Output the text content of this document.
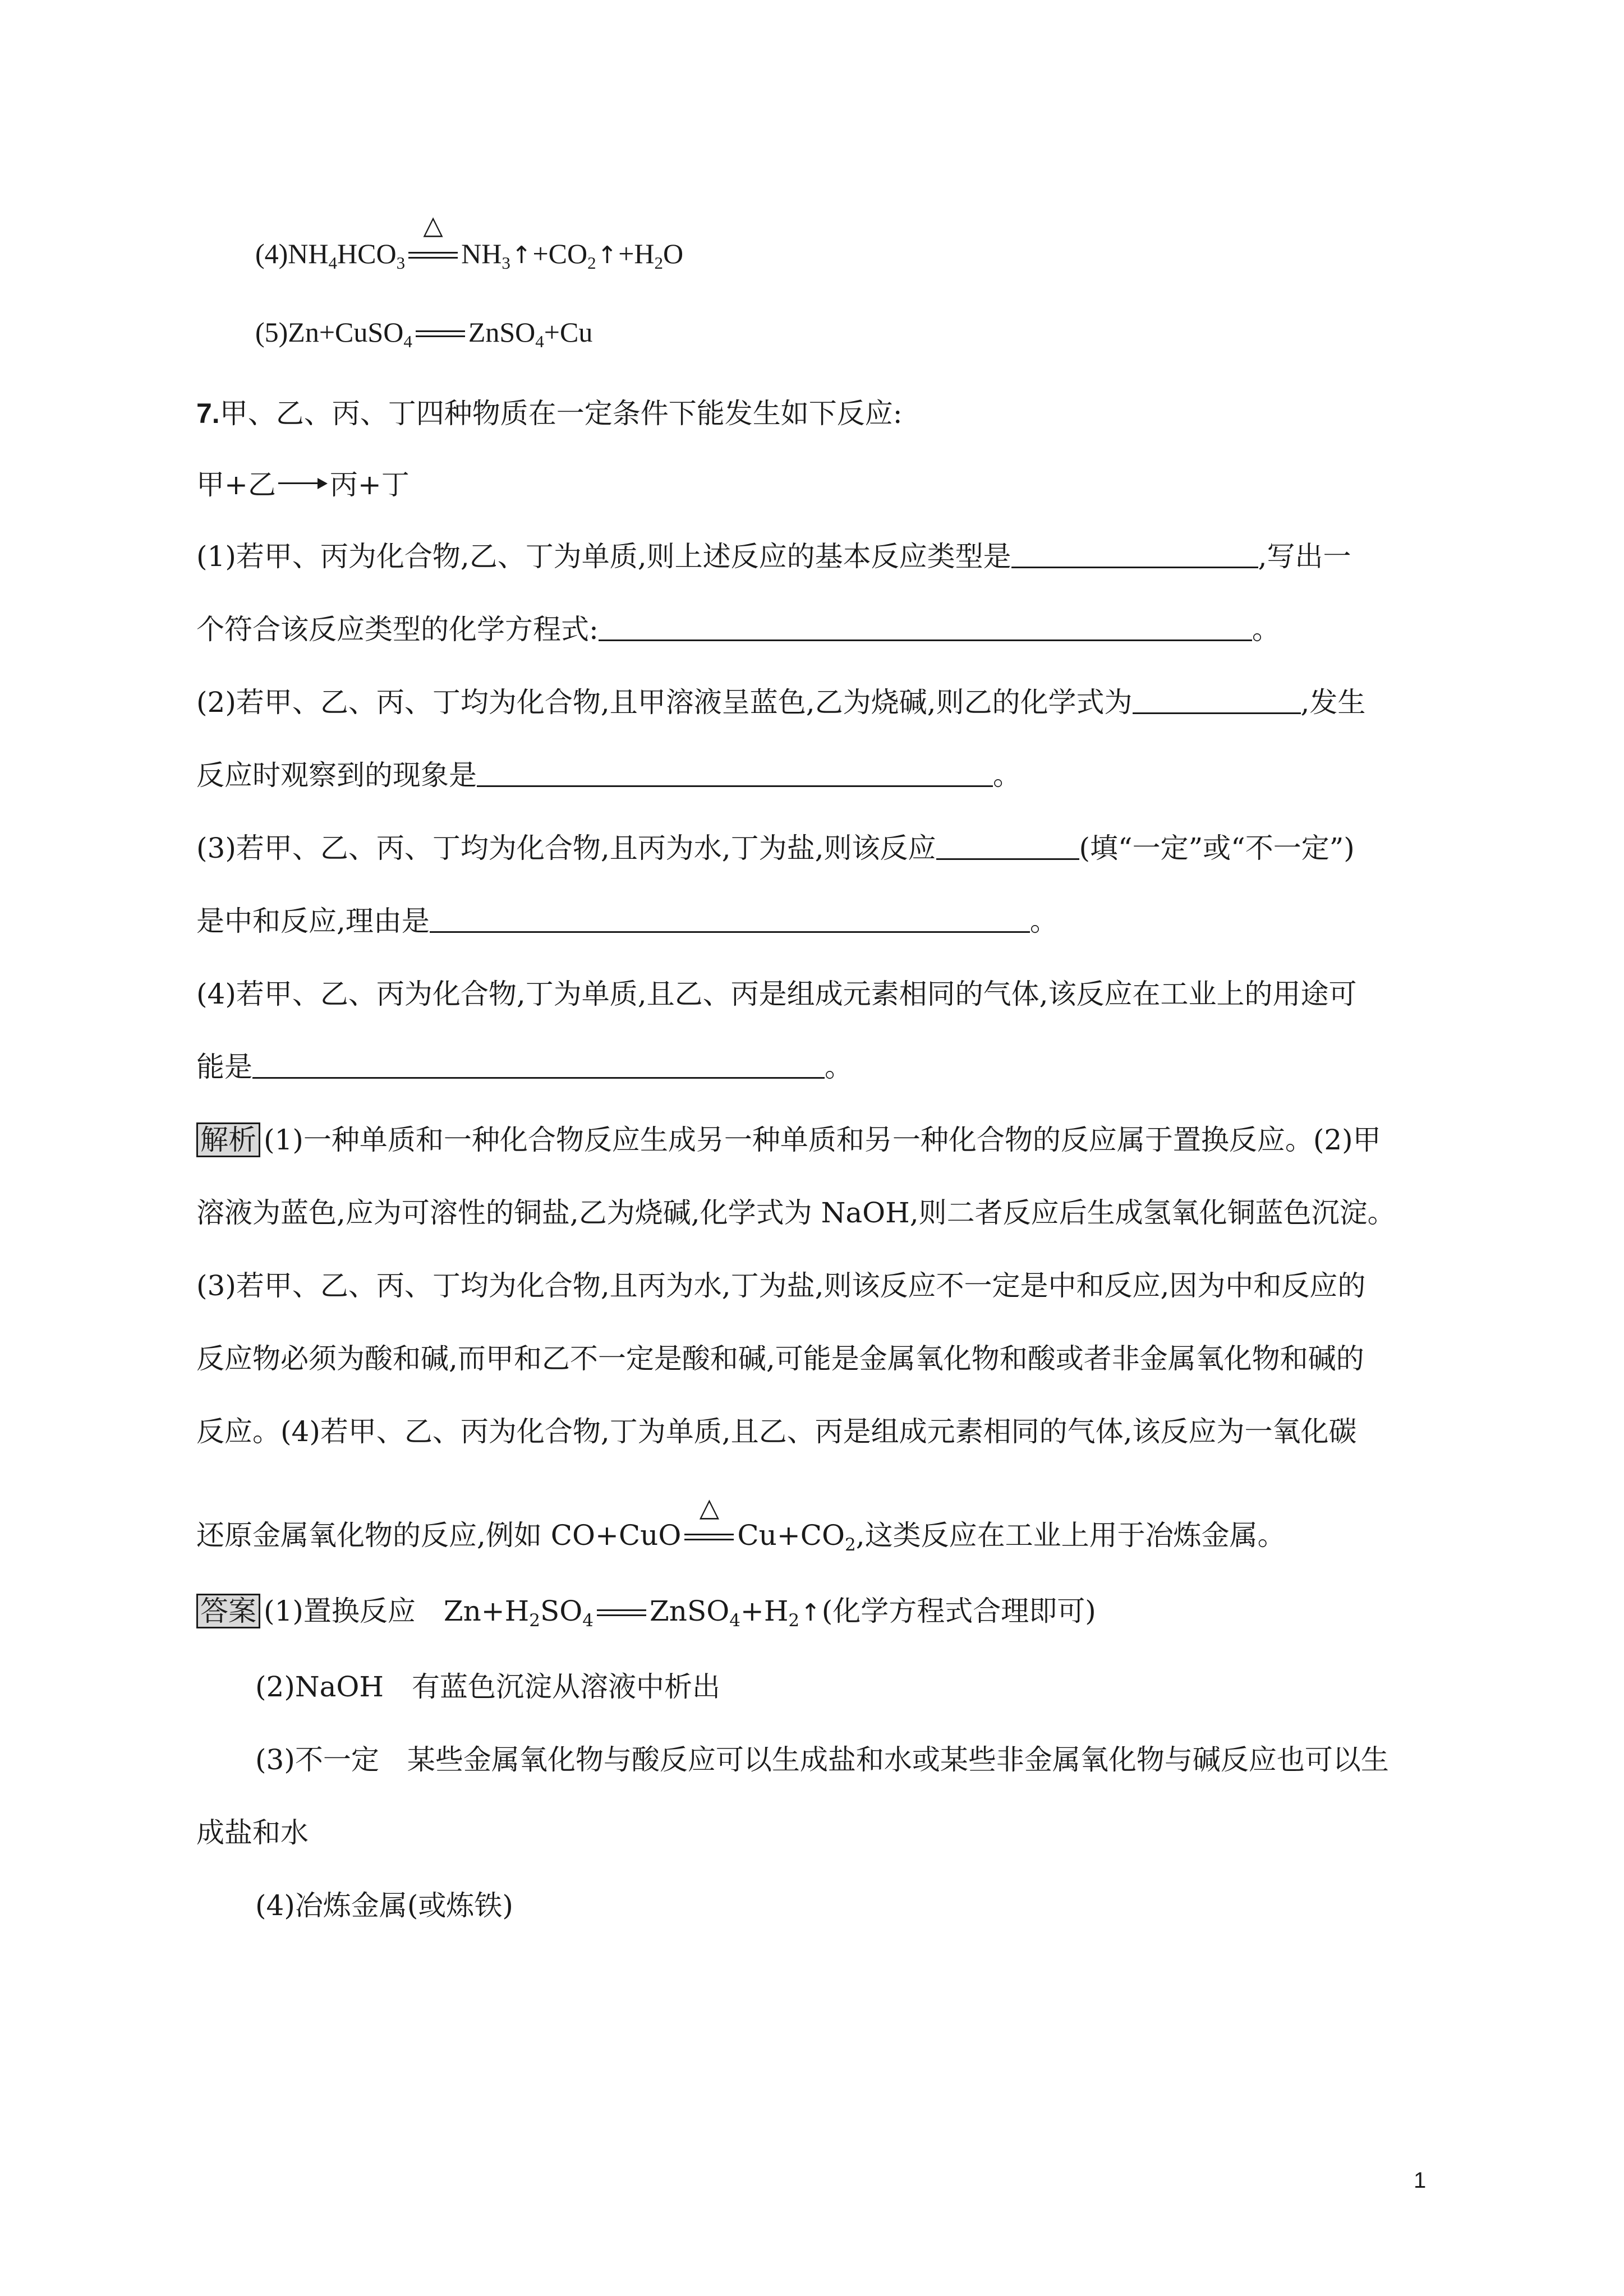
$(4)NH_4HCO_3$
△
$NH_3↑+CO_2↑+H_2O$
(5)Zn+CuSO$_4$ ZnSO$_4$+Cu
7.甲、乙、丙、丁四种物质在一定条件下能发生如下反应:
甲+乙 丙+丁
(1)若甲、丙为化合物,乙、丁为单质,则上述反应的基本反应类型是	,写出一
个符合该反应类型的化学方程式:	。
(2)若甲、乙、丙、丁均为化合物,且甲溶液呈蓝色,乙为烧碱,则乙的化学式为	,发生
反应时观察到的现象是	。
(3)若甲、乙、丙、丁均为化合物,且丙为水,丁为盐,则该反应	(填“一定”或“不一定”)
是中和反应,理由是	。
(4)若甲、乙、丙为化合物,丁为单质,且乙、丙是组成元素相同的气体,该反应在工业上的用途可
能是	。
解析 (1)一种单质和一种化合物反应生成另一种单质和另一种化合物的反应属于置换反应。(2)甲
溶液为蓝色,应为可溶性的铜盐,乙为烧碱,化学式为 NaOH,则二者反应后生成氢氧化铜蓝色沉淀。
(3)若甲、乙、丙、丁均为化合物,且丙为水,丁为盐,则该反应不一定是中和反应,因为中和反应的
反应物必须为酸和碱,而甲和乙不一定是酸和碱,可能是金属氧化物和酸或者非金属氧化物和碱的
反应。(4)若甲、乙、丙为化合物,丁为单质,且乙、丙是组成元素相同的气体,该反应为一氧化碳
还原金属氧化物的反应,例如 CO+CuO
△
$Cu+CO_2$,这类反应在工业上用于冶炼金属。
答案 (1)置换反应　$Zn+H_2SO_4$ $ZnSO_4+H_2↑$(化学方程式合理即可)
(2)NaOH　有蓝色沉淀从溶液中析出
(3)不一定　某些金属氧化物与酸反应可以生成盐和水或某些非金属氧化物与碱反应也可以生
成盐和水
(4)冶炼金属(或炼铁)
1
